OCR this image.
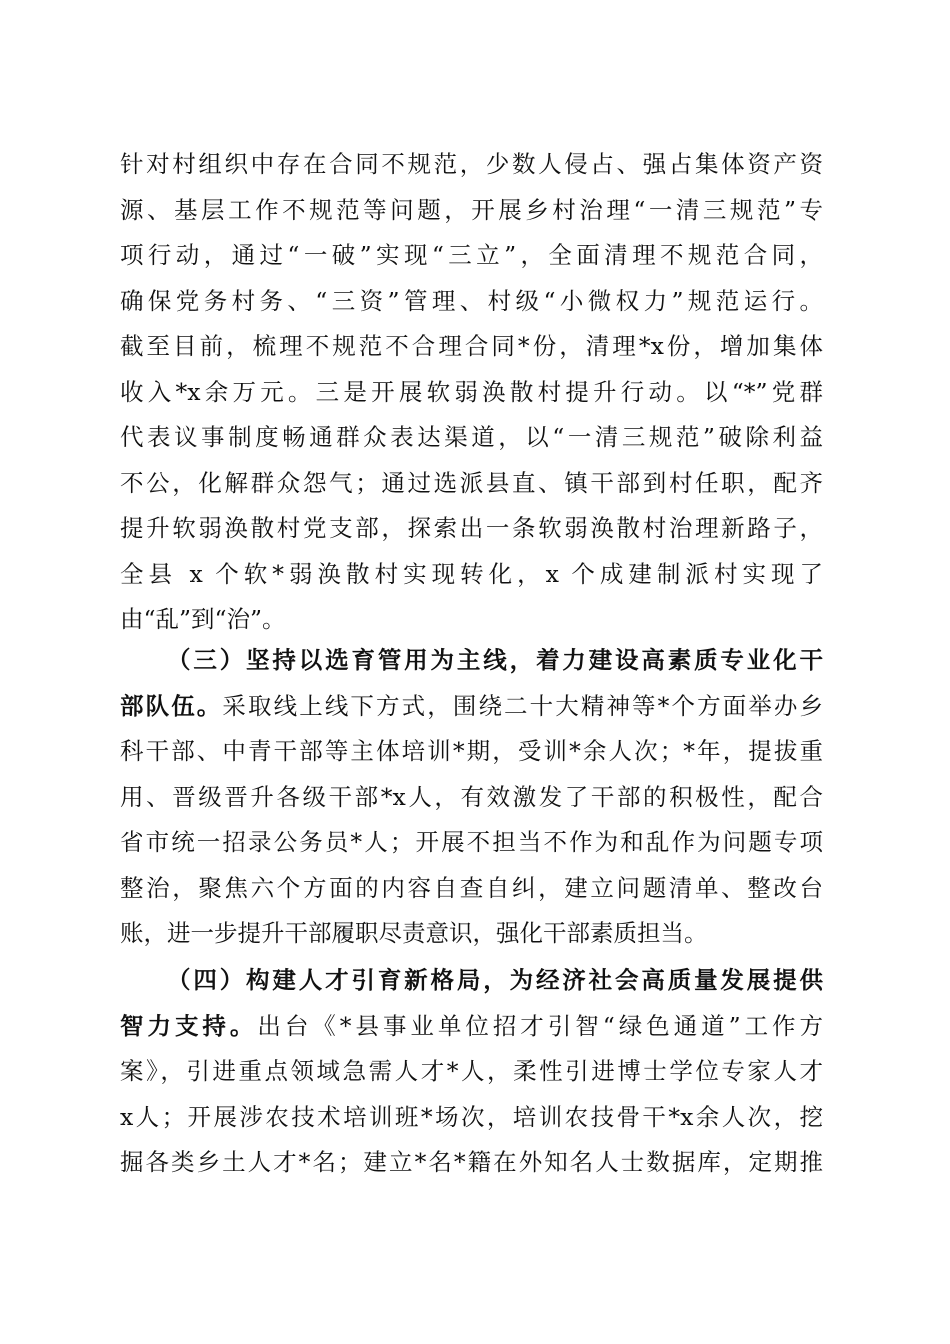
针对村组织中存在合同不规范，少数人侵占、强占集体资产资
源、基层工作不规范等问题，开展乡村治理“一清三规范”专
项行动，通过“一破”实现“三立”，全面清理不规范合同，
确保党务村务、“三资”管理、村级“小微权力”规范运行。
截至目前，梳理不规范不合理合同*份，清理*x份，增加集体
收入*x余万元。三是开展软弱涣散村提升行动。以“*”党群
代表议事制度畅通群众表达渠道，以“一清三规范”破除利益
不公，化解群众怨气；通过选派县直、镇干部到村任职，配齐
提升软弱涣散村党支部，探索出一条软弱涣散村治理新路子，
全县 x 个软*弱涣散村实现转化，x 个成建制派村实现了
由“乱”到“治”。
（三）坚持以选育管用为主线，着力建设高素质专业化干
部队伍。采取线上线下方式，围绕二十大精神等*个方面举办乡
科干部、中青干部等主体培训*期，受训*余人次；*年，提拔重
用、晋级晋升各级干部*x人，有效激发了干部的积极性，配合
省市统一招录公务员*人；开展不担当不作为和乱作为问题专项
整治，聚焦六个方面的内容自查自纠，建立问题清单、整改台
账，进一步提升干部履职尽责意识，强化干部素质担当。
（四）构建人才引育新格局，为经济社会高质量发展提供
智力支持。出台《*县事业单位招才引智“绿色通道”工作方
案》，引进重点领域急需人才*人，柔性引进博士学位专家人才
x人；开展涉农技术培训班*场次，培训农技骨干*x余人次，挖
掘各类乡土人才*名；建立*名*籍在外知名人士数据库，定期推
